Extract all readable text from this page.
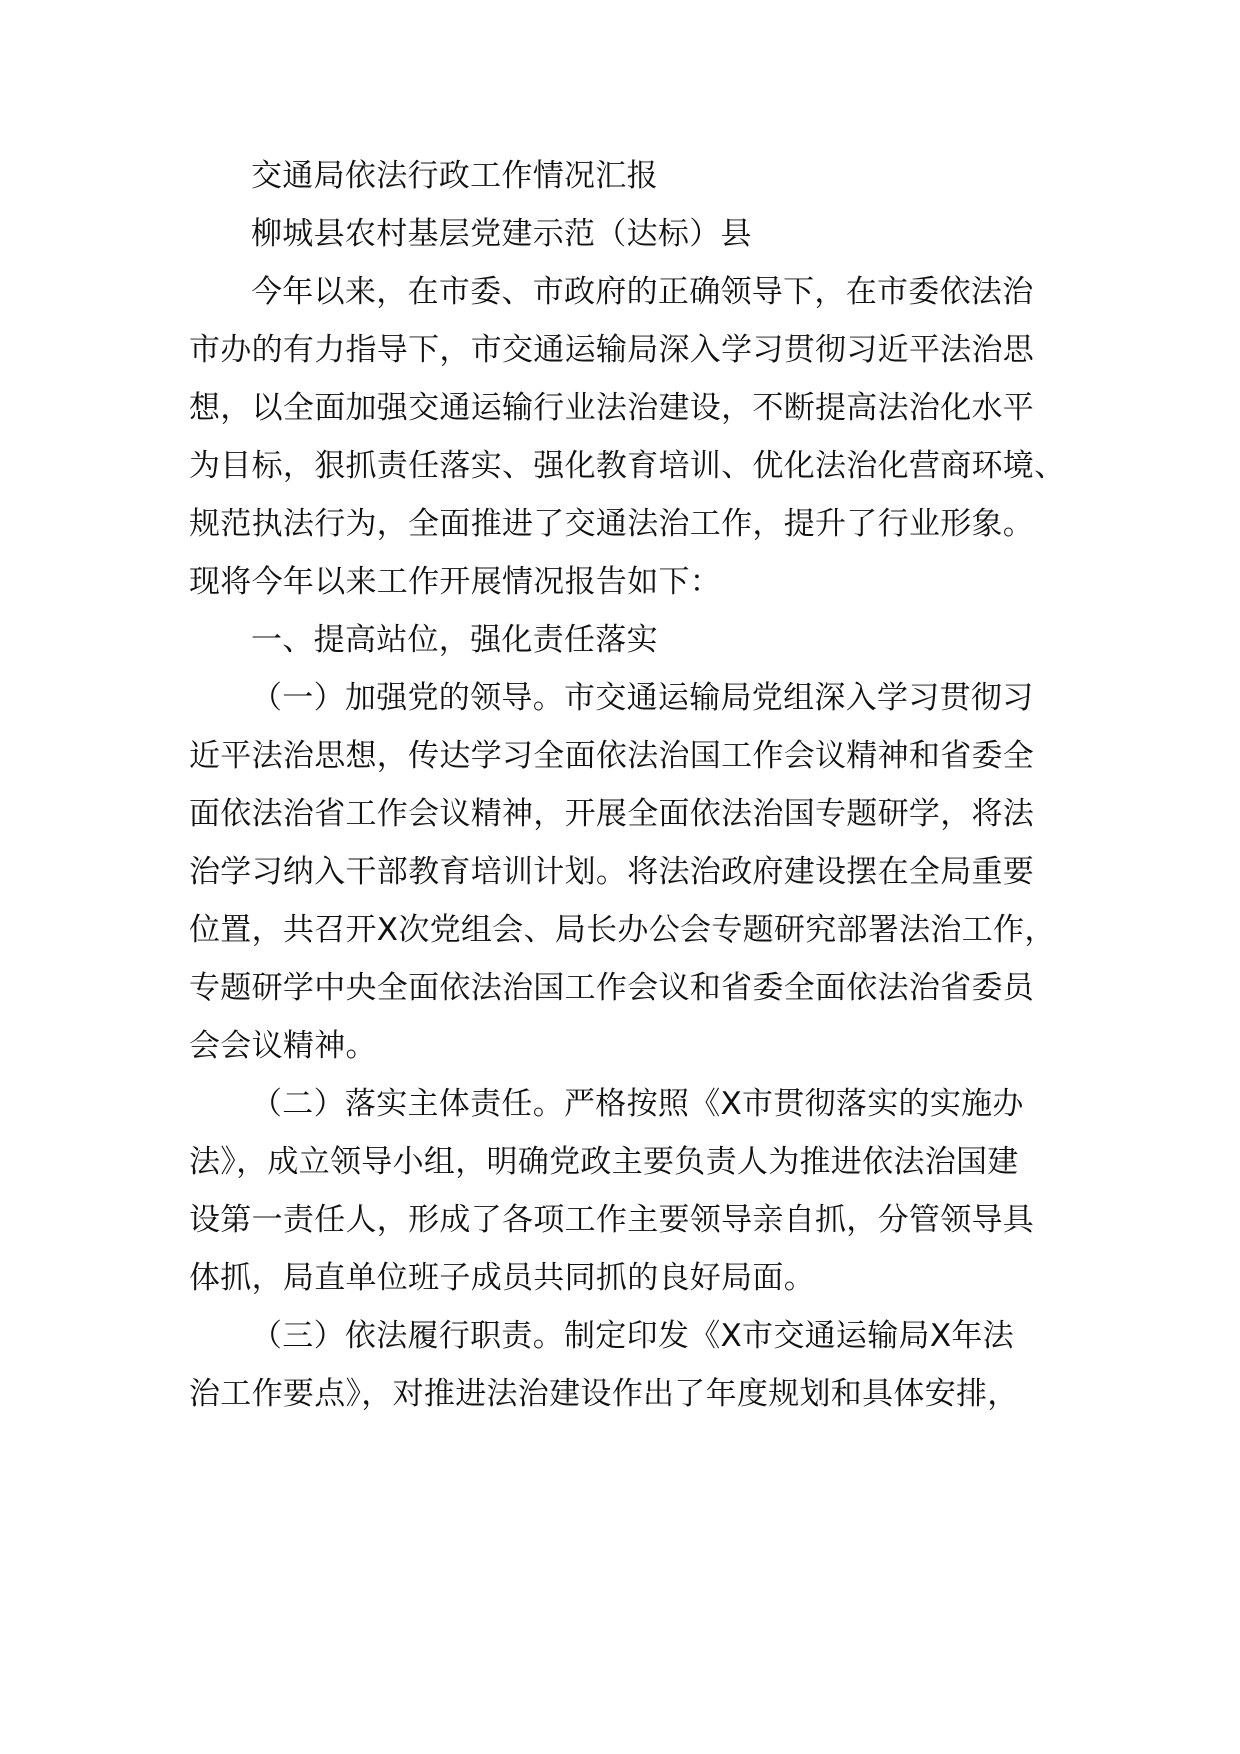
交通局依法行政工作情况汇报
柳城县农村基层党建示范（达标）县
今年以来，在市委、市政府的正确领导下，在市委依法治
市办的有力指导下，市交通运输局深入学习贯彻习近平法治思
想，以全面加强交通运输行业法治建设，不断提高法治化水平
为目标，狠抓责任落实、强化教育培训、优化法治化营商环境、
规范执法行为，全面推进了交通法治工作，提升了行业形象。
现将今年以来工作开展情况报告如下：
一、提高站位，强化责任落实
（一）加强党的领导。市交通运输局党组深入学习贯彻习
近平法治思想，传达学习全面依法治国工作会议精神和省委全
面依法治省工作会议精神，开展全面依法治国专题研学，将法
治学习纳入干部教育培训计划。将法治政府建设摆在全局重要
位置，共召开X次党组会、局长办公会专题研究部署法治工作，
专题研学中央全面依法治国工作会议和省委全面依法治省委员
会会议精神。
（二）落实主体责任。严格按照《X市贯彻落实的实施办
法》，成立领导小组，明确党政主要负责人为推进依法治国建
设第一责任人，形成了各项工作主要领导亲自抓，分管领导具
体抓，局直单位班子成员共同抓的良好局面。
（三）依法履行职责。制定印发《X市交通运输局X年法
治工作要点》，对推进法治建设作出了年度规划和具体安排，
